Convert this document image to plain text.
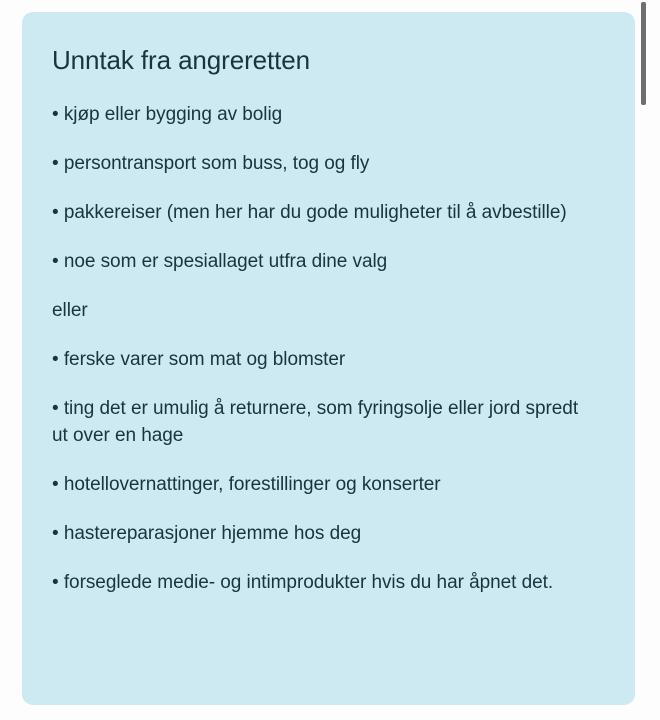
Unntak fra angreretten
• kjøp eller bygging av bolig
• persontransport som buss, tog og fly
• pakkereiser (men her har du gode muligheter til å avbestille)
• noe som er spesiallaget utfra dine valg
eller
• ferske varer som mat og blomster
• ting det er umulig å returnere, som fyringsolje eller jord spredt ut over en hage
• hotellovernattinger, forestillinger og konserter
• hastereparasjoner hjemme hos deg
• forseglede medie- og intimprodukter hvis du har åpnet det.
